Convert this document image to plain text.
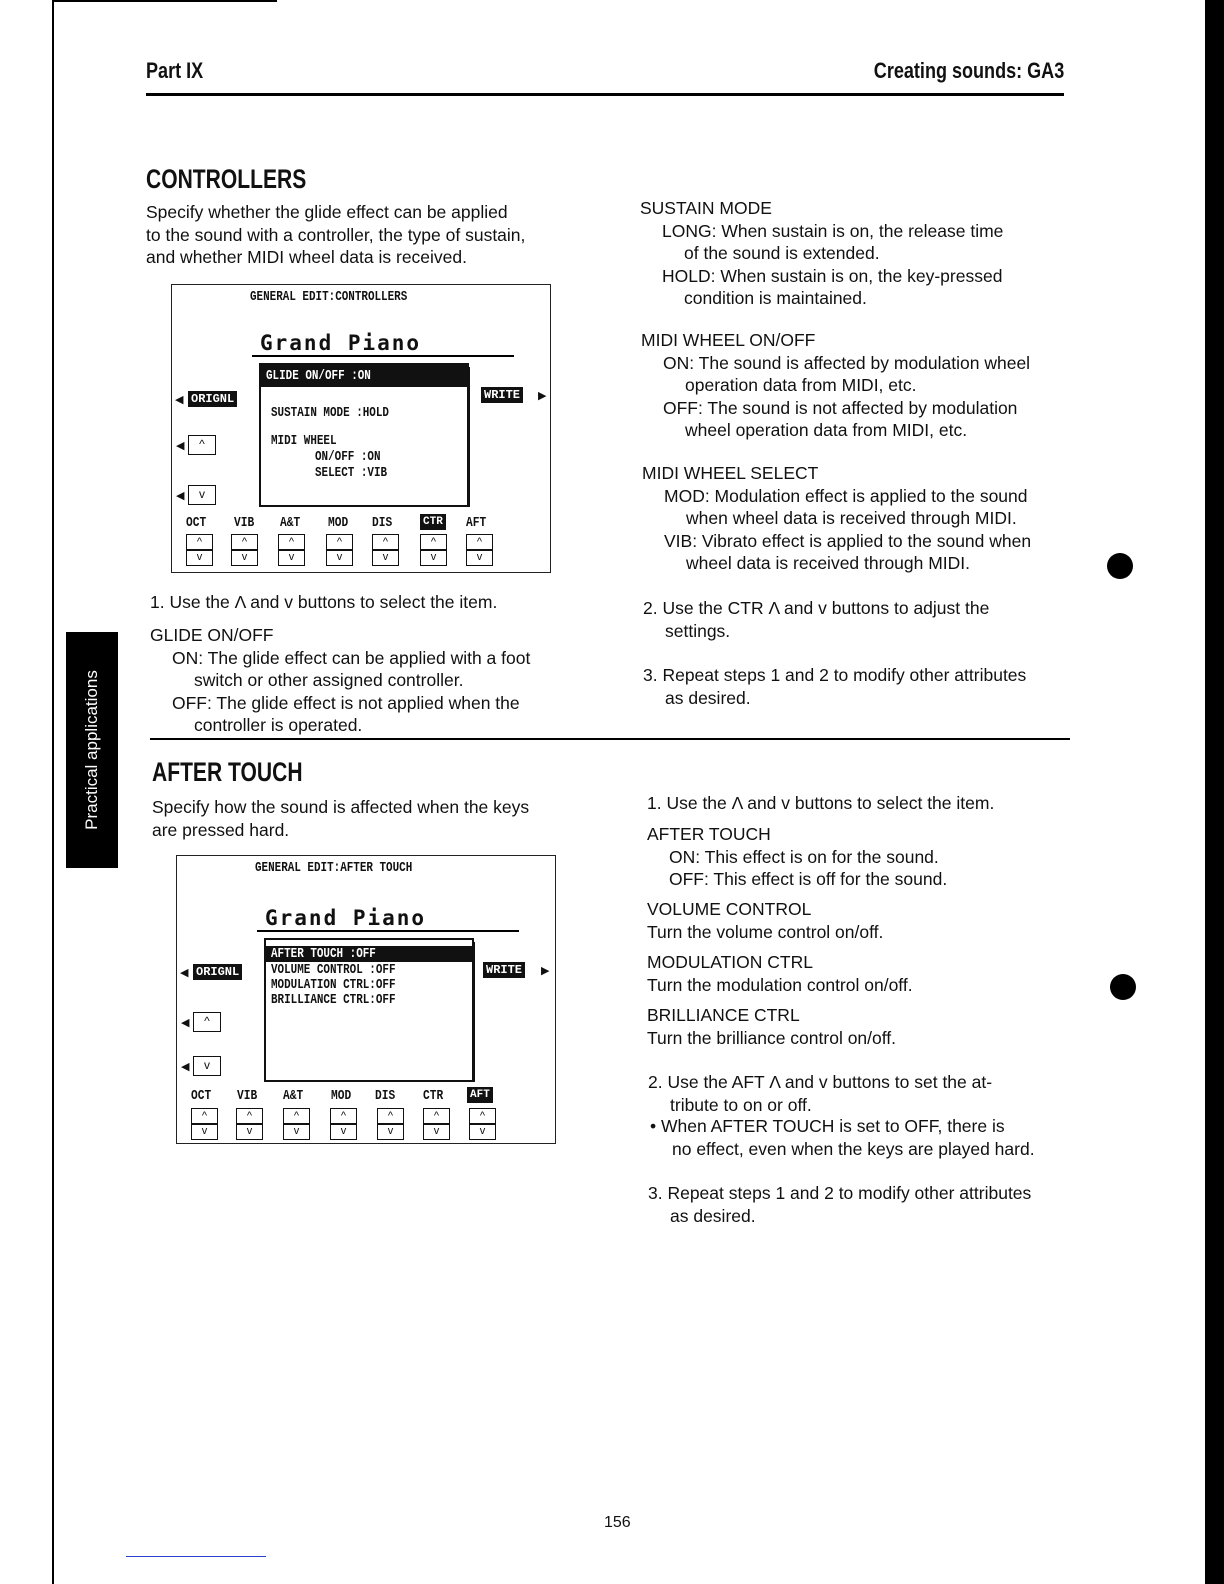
Practical applications
Part IX	Creating sounds: GA3
CONTROLLERS

Specify whether the glide effect can be applied

to the sound with a controller, the type of sustain,

and whether MIDI wheel data is received.

GENERAL EDIT:CONTROLLERS
Grand Piano
GLIDE ON/OFF :ON
SUSTAIN MODE :HOLD
MIDI WHEEL
ON/OFF :ON
SELECT :VIB
◀ ORIGNL	WRITE ▶
◀	^
◀	v
OCT VIB A&T MOD DIS	CTR AFT
^
v
^
v
^
v
^
v
^
v
^
v
^
v
1. Use the Λ and v buttons to select the item.

GLIDE ON/OFF

ON: The glide effect can be applied with a foot

switch or other assigned controller.

OFF: The glide effect is not applied when the

controller is operated.

SUSTAIN MODE

LONG: When sustain is on, the release time

of the sound is extended.

HOLD: When sustain is on, the key-pressed

condition is maintained.

MIDI WHEEL ON/OFF

ON: The sound is affected by modulation wheel

operation data from MIDI, etc.

OFF: The sound is not affected by modulation

wheel operation data from MIDI, etc.

MIDI WHEEL SELECT

MOD: Modulation effect is applied to the sound

when wheel data is received through MIDI.

VIB: Vibrato effect is applied to the sound when

wheel data is received through MIDI.

2. Use the CTR Λ and v buttons to adjust the

settings.

3. Repeat steps 1 and 2 to modify other attributes

as desired.

AFTER TOUCH

Specify how the sound is affected when the keys

are pressed hard.

GENERAL EDIT:AFTER TOUCH
Grand Piano
AFTER TOUCH :OFF
VOLUME CONTROL :OFF
MODULATION CTRL:OFF
BRILLIANCE CTRL:OFF
◀ ORIGNL	WRITE ▶
◀	^
◀	v
OCT VIB A&T MOD DIS CTR AFT
^
v
^
v
^
v
^
v
^
v
^
v
^
v
1. Use the Λ and v buttons to select the item.

AFTER TOUCH

ON: This effect is on for the sound.

OFF: This effect is off for the sound.

VOLUME CONTROL

Turn the volume control on/off.

MODULATION CTRL

Turn the modulation control on/off.

BRILLIANCE CTRL

Turn the brilliance control on/off.

2. Use the AFT Λ and v buttons to set the at-

tribute to on or off.

• When AFTER TOUCH is set to OFF, there is

no effect, even when the keys are played hard.

3. Repeat steps 1 and 2 to modify other attributes

as desired.

156
